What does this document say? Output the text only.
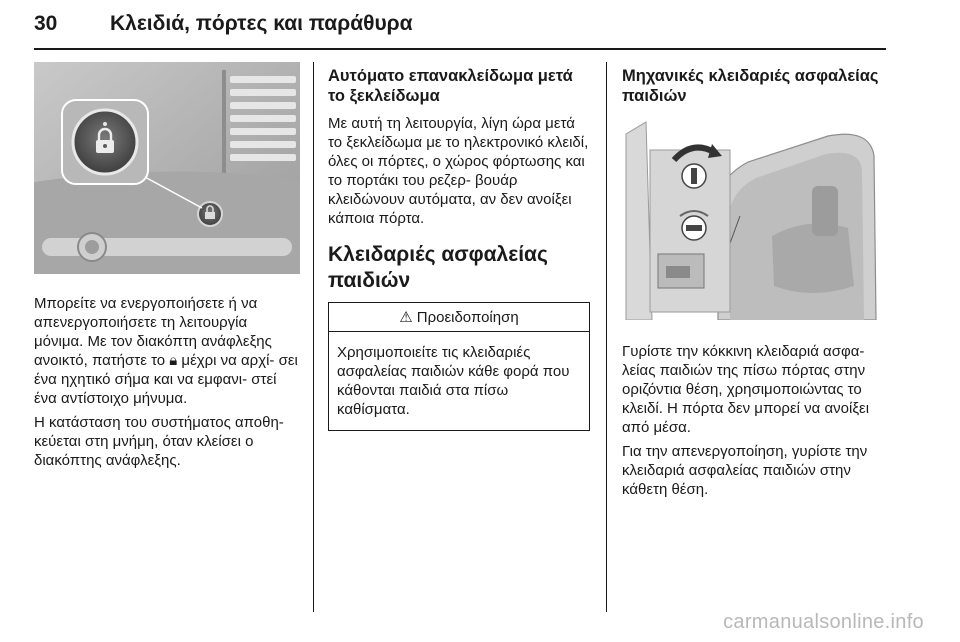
30	Κλειδιά, πόρτες και παράθυρα

Μπορείτε να ενεργοποιήσετε ή να απενεργοποιήσετε τη λειτουργία μόνιμα. Με τον διακόπτη ανάφλεξης ανοικτό, πατήστε το 🔒︎ μέχρι να αρχί- σει ένα ηχητικό σήμα και να εμφανι- στεί ένα αντίστοιχο μήνυμα.

Η κατάσταση του συστήματος αποθη- κεύεται στη μνήμη, όταν κλείσει ο διακόπτης ανάφλεξης.

Αυτόματο επανακλείδωμα μετά το ξεκλείδωμα

Με αυτή τη λειτουργία, λίγη ώρα μετά το ξεκλείδωμα με το ηλεκτρονικό κλειδί, όλες οι πόρτες, ο χώρος φόρτωσης και το πορτάκι του ρεζερ- βουάρ κλειδώνουν αυτόματα, αν δεν ανοίξει κάποια πόρτα.

Κλειδαριές ασφαλείας παιδιών
⚠ Προειδοποίηση

Χρησιμοποιείτε τις κλειδαριές ασφαλείας παιδιών κάθε φορά που κάθονται παιδιά στα πίσω καθίσματα.

Μηχανικές κλειδαριές ασφαλείας παιδιών

Γυρίστε την κόκκινη κλειδαριά ασφα- λείας παιδιών της πίσω πόρτας στην οριζόντια θέση, χρησιμοποιώντας το κλειδί. Η πόρτα δεν μπορεί να ανοίξει από μέσα.

Για την απενεργοποίηση, γυρίστε την κλειδαριά ασφαλείας παιδιών στην κάθετη θέση.

carmanualsonline.info
